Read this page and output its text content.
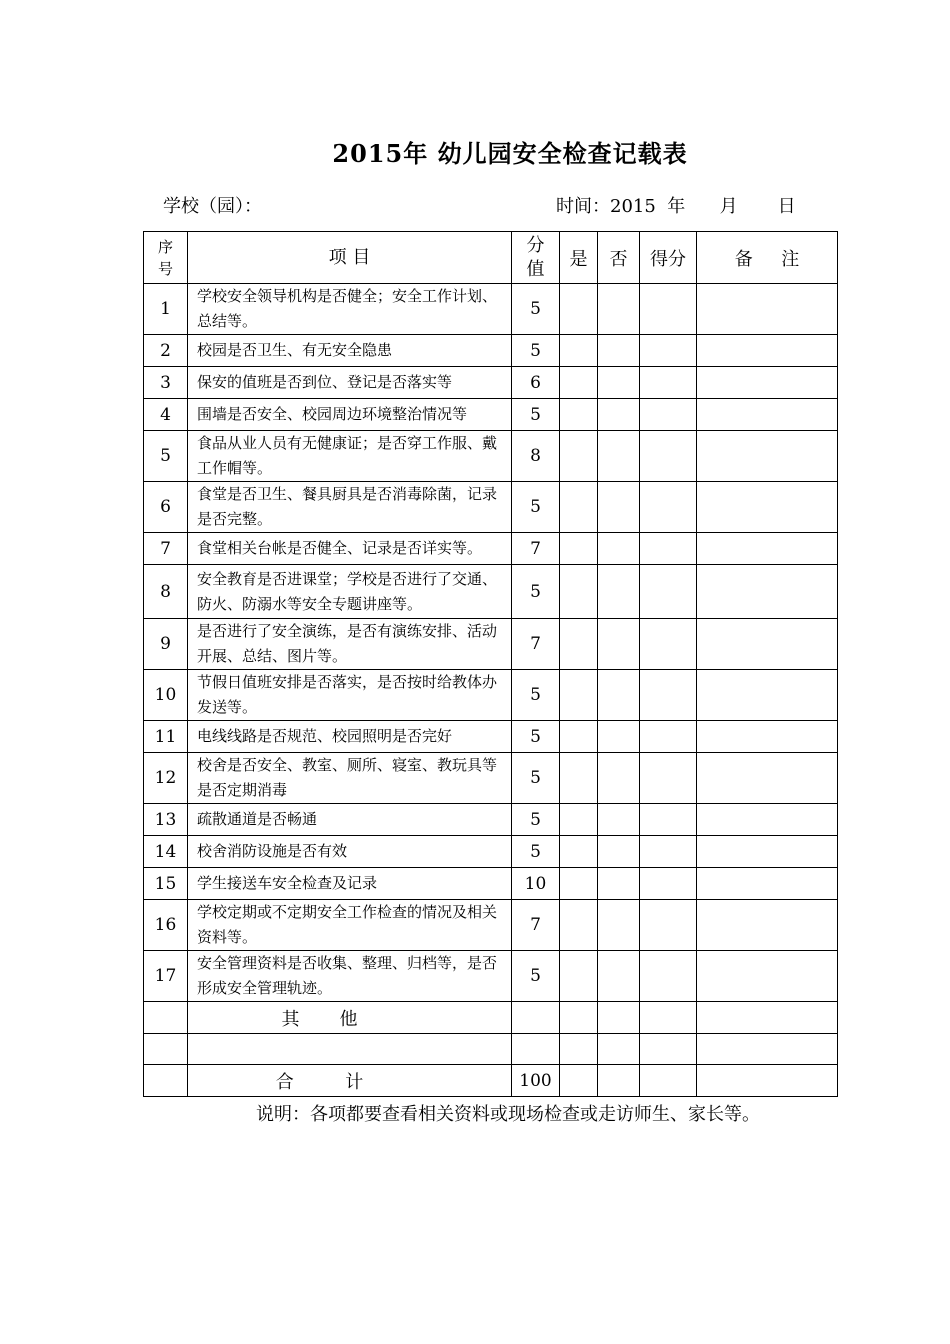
2015年 幼儿园安全检查记载表
学校（园）：	时间：2015  年      月       日
序号	项 目	分值	是	否	得分	备     注
1	学校安全领导机构是否健全；安全工作计划、总结等。	5				
2	校园是否卫生、有无安全隐患	5				
3	保安的值班是否到位、登记是否落实等	6				
4	围墙是否安全、校园周边环境整治情况等	5				
5	食品从业人员有无健康证；是否穿工作服、戴工作帽等。	8				
6	食堂是否卫生、餐具厨具是否消毒除菌，记录是否完整。	5				
7	食堂相关台帐是否健全、记录是否详实等。	7				
8	安全教育是否进课堂；学校是否进行了交通、防火、防溺水等安全专题讲座等。	5				
9	是否进行了安全演练，是否有演练安排、活动开展、总结、图片等。	7				
10	节假日值班安排是否落实，是否按时给教体办发送等。	5				
11	电线线路是否规范、校园照明是否完好	5				
12	校舍是否安全、教室、厕所、寝室、教玩具等是否定期消毒	5				
13	疏散通道是否畅通	5				
14	校舍消防设施是否有效	5				
15	学生接送车安全检查及记录	10				
16	学校定期或不定期安全工作检查的情况及相关资料等。	7				
17	安全管理资料是否收集、整理、归档等，是否形成安全管理轨迹。	5				
	其       他					

	合         计	100				
说明：各项都要查看相关资料或现场检查或走访师生、家长等。
